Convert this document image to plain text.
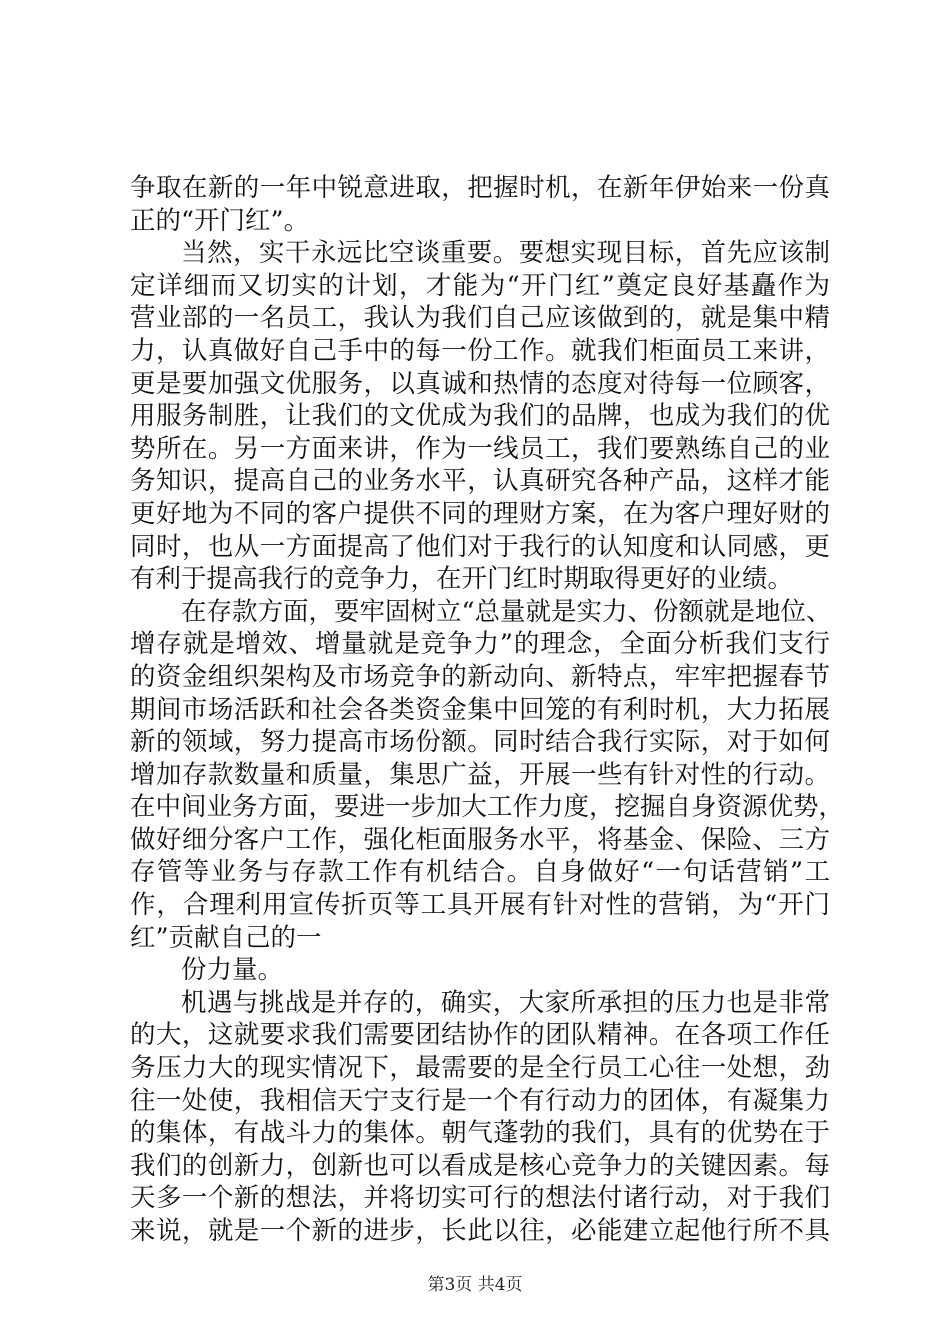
争取在新的一年中锐意进取，把握时机，在新年伊始来一份真
正的“开门红”。
当然，实干永远比空谈重要。要想实现目标，首先应该制
定详细而又切实的计划，才能为“开门红”奠定良好基矗作为
营业部的一名员工，我认为我们自己应该做到的，就是集中精
力，认真做好自己手中的每一份工作。就我们柜面员工来讲，
更是要加强文优服务，以真诚和热情的态度对待每一位顾客，
用服务制胜，让我们的文优成为我们的品牌，也成为我们的优
势所在。另一方面来讲，作为一线员工，我们要熟练自己的业
务知识，提高自己的业务水平，认真研究各种产品，这样才能
更好地为不同的客户提供不同的理财方案，在为客户理好财的
同时，也从一方面提高了他们对于我行的认知度和认同感，更
有利于提高我行的竞争力，在开门红时期取得更好的业绩。
在存款方面，要牢固树立“总量就是实力、份额就是地位、
增存就是增效、增量就是竞争力”的理念，全面分析我们支行
的资金组织架构及市场竞争的新动向、新特点，牢牢把握春节
期间市场活跃和社会各类资金集中回笼的有利时机，大力拓展
新的领域，努力提高市场份额。同时结合我行实际，对于如何
增加存款数量和质量，集思广益，开展一些有针对性的行动。
在中间业务方面，要进一步加大工作力度，挖掘自身资源优势，
做好细分客户工作，强化柜面服务水平，将基金、保险、三方
存管等业务与存款工作有机结合。自身做好“一句话营销”工
作，合理利用宣传折页等工具开展有针对性的营销，为“开门
红”贡献自己的一
份力量。
机遇与挑战是并存的，确实，大家所承担的压力也是非常
的大，这就要求我们需要团结协作的团队精神。在各项工作任
务压力大的现实情况下，最需要的是全行员工心往一处想，劲
往一处使，我相信天宁支行是一个有行动力的团体，有凝集力
的集体，有战斗力的集体。朝气蓬勃的我们，具有的优势在于
我们的创新力，创新也可以看成是核心竞争力的关键因素。每
天多一个新的想法，并将切实可行的想法付诸行动，对于我们
来说，就是一个新的进步，长此以往，必能建立起他行所不具
第3页 共4页
